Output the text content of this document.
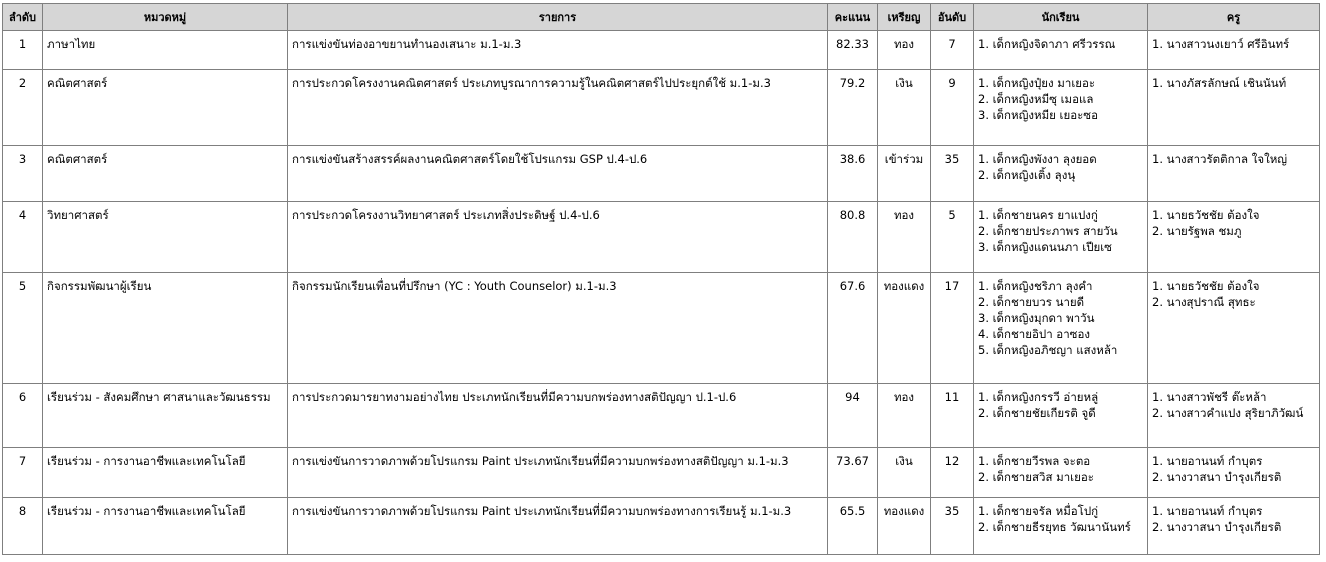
ลำดับ	หมวดหมู่	รายการ	คะแนน	เหรียญ	อันดับ	นักเรียน	ครู
1	ภาษาไทย	การแข่งขันท่องอาขยานทำนองเสนาะ ม.1-ม.3	82.33	ทอง	7	1. เด็กหญิงจิดาภา ศรีวรรณ	1. นางสาวนงเยาว์ ศรีอินทร์

2	คณิตศาสตร์	การประกวดโครงงานคณิตศาสตร์ ประเภทบูรณาการความรู้ในคณิตศาสตร์ไปประยุกต์ใช้ ม.1-ม.3	79.2	เงิน	9	1. เด็กหญิงปุ๋ยง มาเยอะ
2. เด็กหญิงหมีซุ เมอแล
3. เด็กหญิงหมีย เยอะซอ	1. นางภัสรลักษณ์ เชินนันท์

3	คณิตศาสตร์	การแข่งขันสร้างสรรค์ผลงานคณิตศาสตร์โดยใช้โปรแกรม GSP ป.4-ป.6	38.6	เข้าร่วม	35	1. เด็กหญิงพังงา ลุงยอด
2. เด็กหญิงเติ้ง ลุงนุ	1. นางสาวรัตติกาล ใจใหญ่

4	วิทยาศาสตร์	การประกวดโครงงานวิทยาศาสตร์ ประเภทสิ่งประดิษฐ์ ป.4-ป.6	80.8	ทอง	5	1. เด็กชายนคร ยาแปงกู่
2. เด็กชายประภาพร สายวัน
3. เด็กหญิงแดนนภา เปียเซ	1. นายธวัชชัย ต้องใจ
2. นายรัฐพล ชมภู

5	กิจกรรมพัฒนาผู้เรียน	กิจกรรมนักเรียนเพื่อนที่ปรึกษา (YC : Youth Counselor) ม.1-ม.3	67.6	ทองแดง	17	1. เด็กหญิงชริภา ลุงคำ
2. เด็กชายบวร นายดี
3. เด็กหญิงมุกดา พาวัน
4. เด็กชายอิปา อาซอง
5. เด็กหญิงอภิชญา แสงหล้า	1. นายธวัชชัย ต้องใจ
2. นางสุปราณี สุทธะ

6	เรียนร่วม - สังคมศึกษา ศาสนาและวัฒนธรรม	การประกวดมารยาทงามอย่างไทย ประเภทนักเรียนที่มีความบกพร่องทางสติปัญญา ป.1-ป.6	94	ทอง	11	1. เด็กหญิงกรรวี อ่ายหลู่
2. เด็กชายชัยเกียรติ จูดี	1. นางสาวพัชรี ต๊ะหล้า
2. นางสาวคำแปง สุริยาภิวัฒน์

7	เรียนร่วม - การงานอาชีพและเทคโนโลยี	การแข่งขันการวาดภาพด้วยโปรแกรม Paint ประเภทนักเรียนที่มีความบกพร่องทางสติปัญญา ม.1-ม.3	73.67	เงิน	12	1. เด็กชายวีรพล จะตอ
2. เด็กชายสวิส มาเยอะ	1. นายอานนท์ กำบุตร
2. นางวาสนา บำรุงเกียรติ

8	เรียนร่วม - การงานอาชีพและเทคโนโลยี	การแข่งขันการวาดภาพด้วยโปรแกรม Paint ประเภทนักเรียนที่มีความบกพร่องทางการเรียนรู้ ม.1-ม.3	65.5	ทองแดง	35	1. เด็กชายจรัล หมื่อโปกู่
2. เด็กชายธีรยุทธ วัฒนานันทร์	1. นายอานนท์ กำบุตร
2. นางวาสนา บำรุงเกียรติ
